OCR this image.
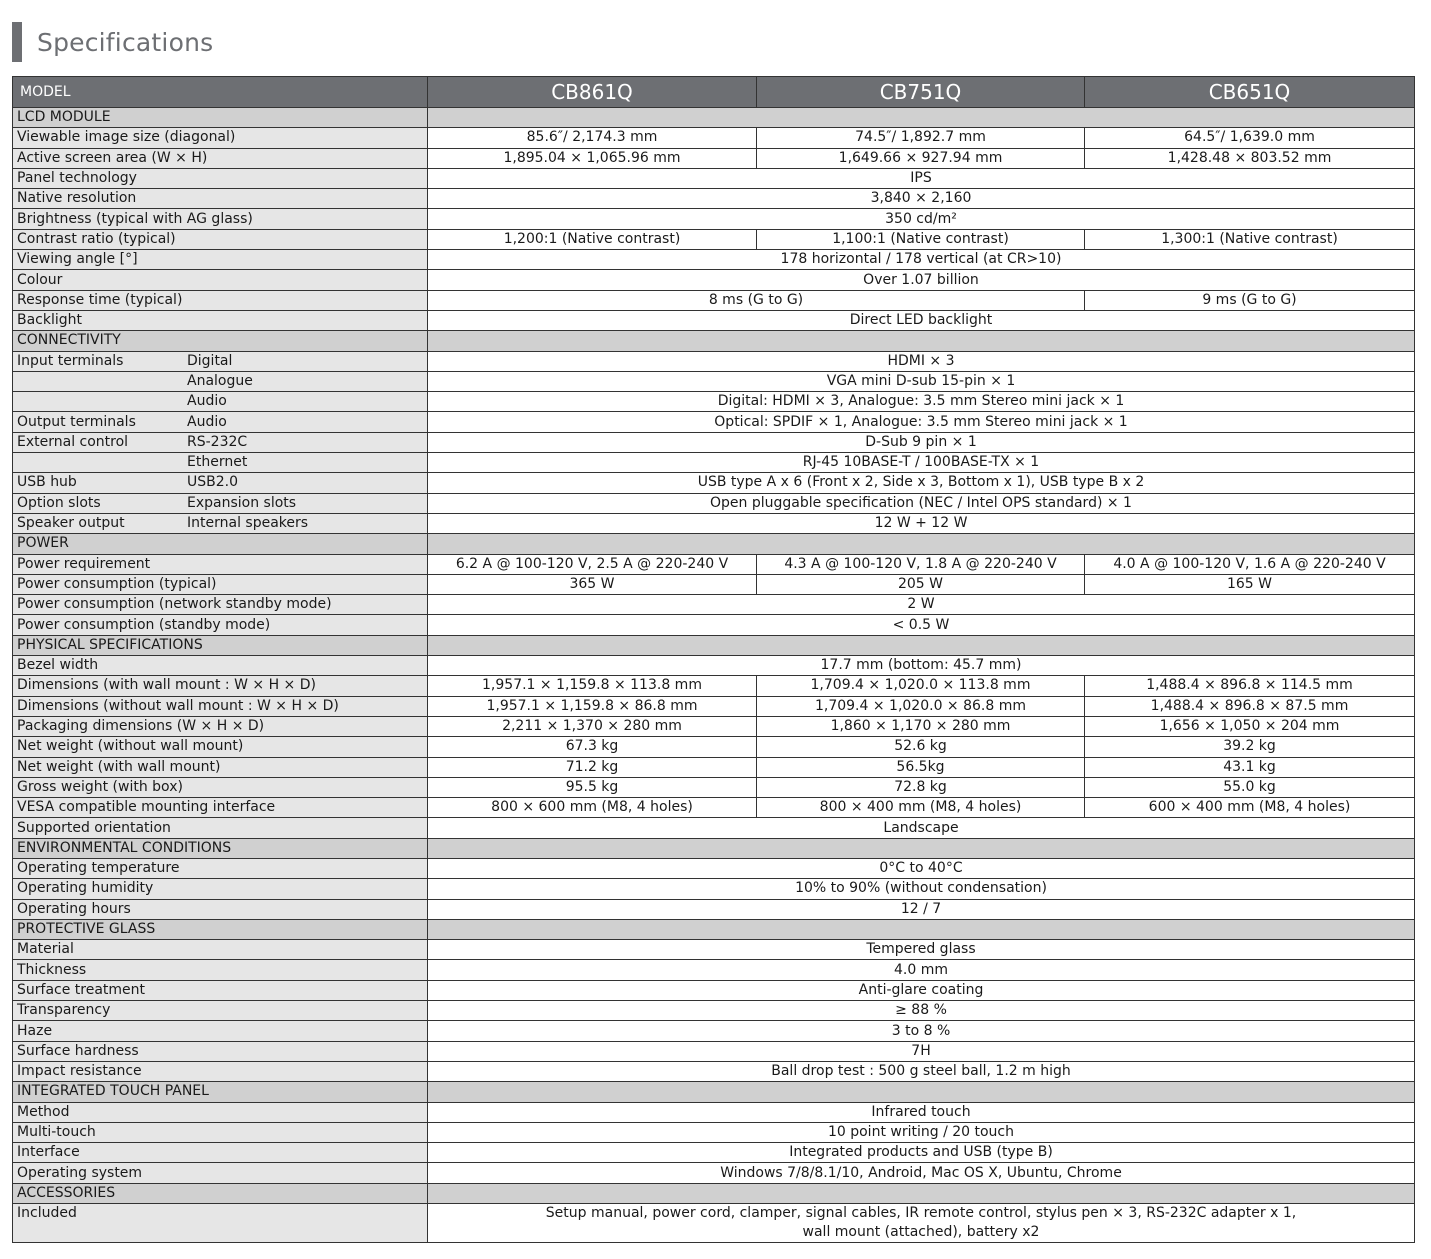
Specifications
MODEL	CB861Q	CB751Q	CB651Q
LCD MODULE			
Viewable image size (diagonal)	85.6″/ 2,174.3 mm	74.5″/ 1,892.7 mm	64.5″/ 1,639.0 mm
Active screen area (W × H)	1,895.04 × 1,065.96 mm	1,649.66 × 927.94 mm	1,428.48 × 803.52 mm
Panel technology	IPS		
Native resolution	3,840 × 2,160		
Brightness (typical with AG glass)	350 cd/m²		
Contrast ratio (typical)	1,200:1 (Native contrast)	1,100:1 (Native contrast)	1,300:1 (Native contrast)
Viewing angle [°]	178 horizontal / 178 vertical (at CR>10)		
Colour	Over 1.07 billion		
Response time (typical)	8 ms (G to G)		9 ms (G to G)
Backlight	Direct LED backlight		
CONNECTIVITY			
Input terminals Digital	HDMI × 3		
Analogue	VGA mini D-sub 15-pin × 1		
Audio	Digital: HDMI × 3, Analogue: 3.5 mm Stereo mini jack × 1		
Output terminals Audio	Optical: SPDIF × 1, Analogue: 3.5 mm Stereo mini jack × 1		
External control RS-232C	D-Sub 9 pin × 1		
Ethernet	RJ-45 10BASE-T / 100BASE-TX × 1		
USB hub USB2.0	USB type A x 6 (Front x 2, Side x 3, Bottom x 1), USB type B x 2		
Option slots Expansion slots	Open pluggable specification (NEC / Intel OPS standard) × 1		
Speaker output Internal speakers	12 W + 12 W		
POWER			
Power requirement	6.2 A @ 100-120 V, 2.5 A @ 220-240 V	4.3 A @ 100-120 V, 1.8 A @ 220-240 V	4.0 A @ 100-120 V, 1.6 A @ 220-240 V
Power consumption (typical)	365 W	205 W	165 W
Power consumption (network standby mode)	2 W		
Power consumption (standby mode)	< 0.5 W		
PHYSICAL SPECIFICATIONS			
Bezel width	17.7 mm (bottom: 45.7 mm)		
Dimensions (with wall mount : W × H × D)	1,957.1 × 1,159.8 × 113.8 mm	1,709.4 × 1,020.0 × 113.8 mm	1,488.4 × 896.8 × 114.5 mm
Dimensions (without wall mount : W × H × D)	1,957.1 × 1,159.8 × 86.8 mm	1,709.4 × 1,020.0 × 86.8 mm	1,488.4 × 896.8 × 87.5 mm
Packaging dimensions (W × H × D)	2,211 × 1,370 × 280 mm	1,860 × 1,170 × 280 mm	1,656 × 1,050 × 204 mm
Net weight (without wall mount)	67.3 kg	52.6 kg	39.2 kg
Net weight (with wall mount)	71.2 kg	56.5kg	43.1 kg
Gross weight (with box)	95.5 kg	72.8 kg	55.0 kg
VESA compatible mounting interface	800 × 600 mm (M8, 4 holes)	800 × 400 mm (M8, 4 holes)	600 × 400 mm (M8, 4 holes)
Supported orientation	Landscape		
ENVIRONMENTAL CONDITIONS			
Operating temperature	0°C to 40°C		
Operating humidity	10% to 90% (without condensation)		
Operating hours	12 / 7		
PROTECTIVE GLASS			
Material	Tempered glass		
Thickness	4.0 mm		
Surface treatment	Anti-glare coating		
Transparency	≥ 88 %		
Haze	3 to 8 %		
Surface hardness	7H		
Impact resistance	Ball drop test : 500 g steel ball, 1.2 m high		
INTEGRATED TOUCH PANEL			
Method	Infrared touch		
Multi-touch	10 point writing / 20 touch		
Interface	Integrated products and USB (type B)		
Operating system	Windows 7/8/8.1/10, Android, Mac OS X, Ubuntu, Chrome		
ACCESSORIES			
Included	Setup manual, power cord, clamper, signal cables, IR remote control, stylus pen × 3, RS-232C adapter x 1,
wall mount (attached), battery x2		
